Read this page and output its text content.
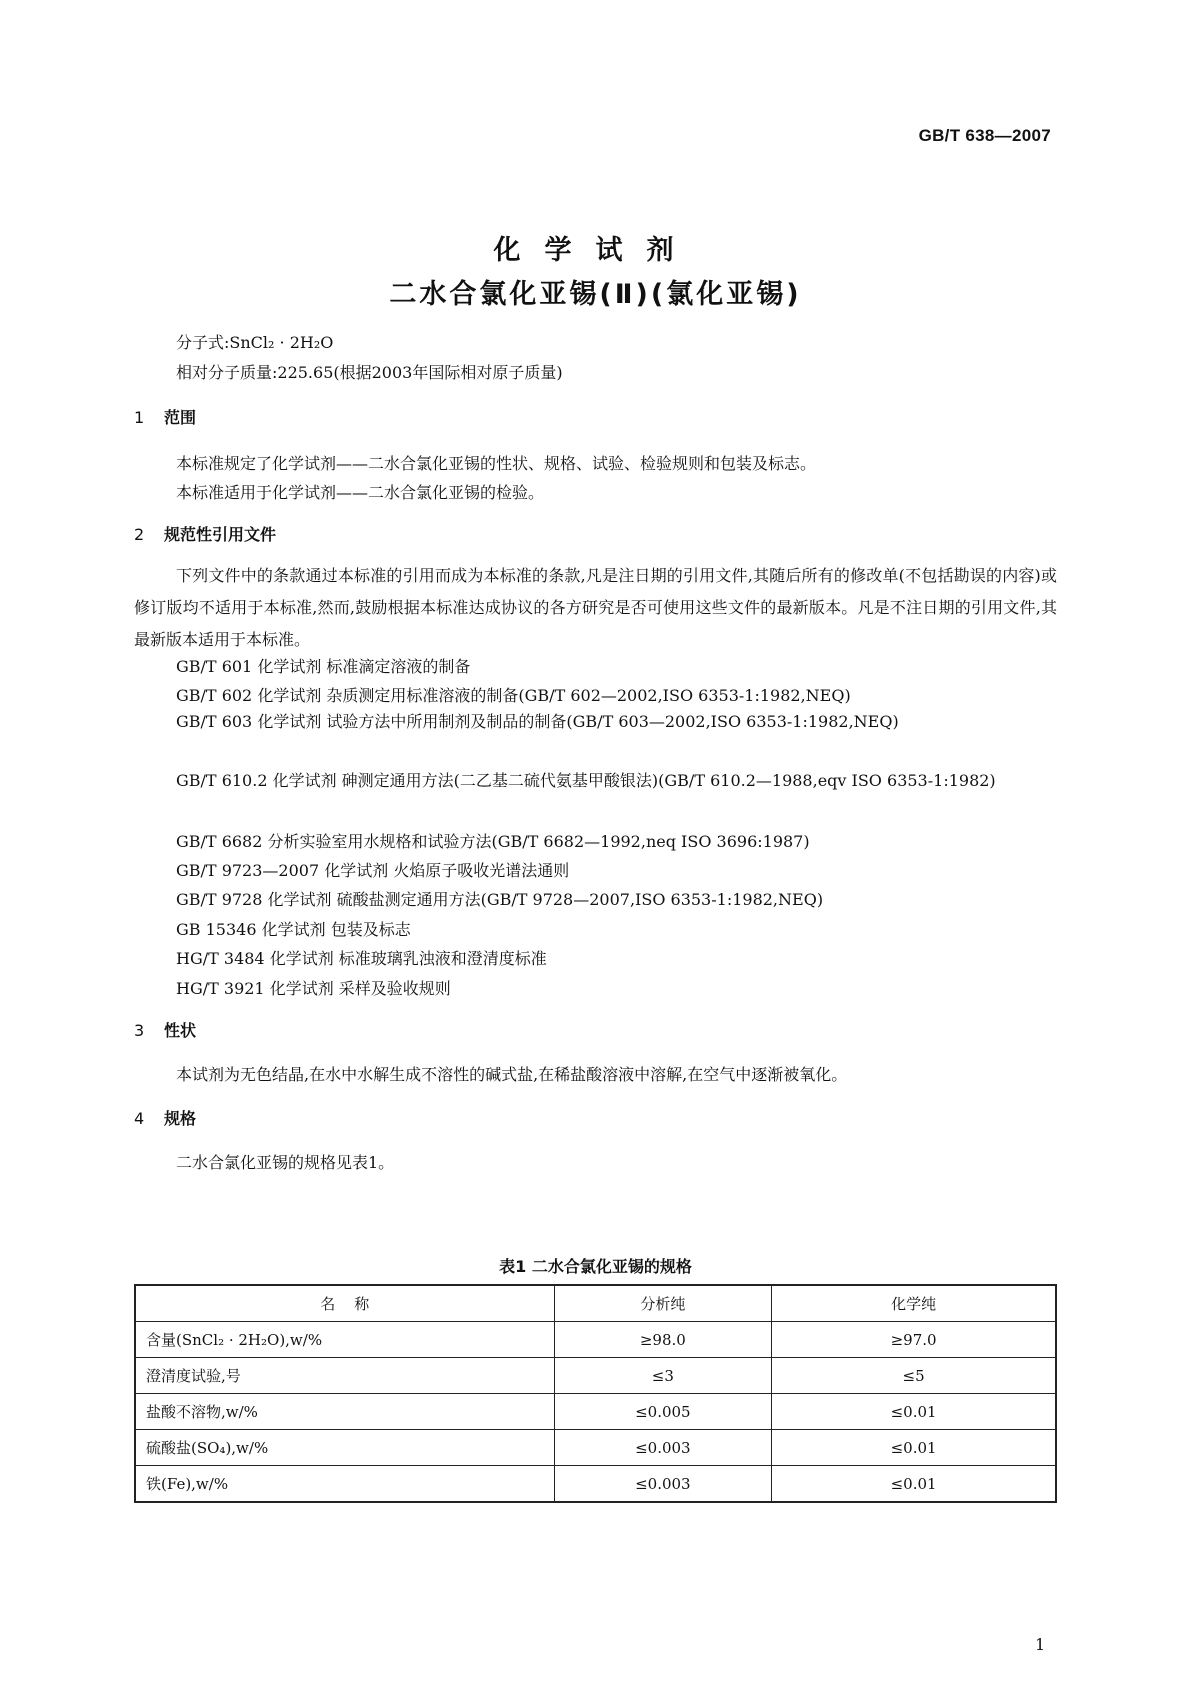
GB/T 638—2007
化学试剂
二水合氯化亚锡(Ⅱ)(氯化亚锡)
分子式:SnCl₂ · 2H₂O
相对分子质量:225.65(根据2003年国际相对原子质量)
1 范围
本标准规定了化学试剂——二水合氯化亚锡的性状、规格、试验、检验规则和包装及标志。
本标准适用于化学试剂——二水合氯化亚锡的检验。
2 规范性引用文件
下列文件中的条款通过本标准的引用而成为本标准的条款,凡是注日期的引用文件,其随后所有的修改单(不包括勘误的内容)或修订版均不适用于本标准,然而,鼓励根据本标准达成协议的各方研究是否可使用这些文件的最新版本。凡是不注日期的引用文件,其最新版本适用于本标准。
GB/T 601 化学试剂 标准滴定溶液的制备
GB/T 602 化学试剂 杂质测定用标准溶液的制备(GB/T 602—2002,ISO 6353-1:1982,NEQ)
GB/T 603 化学试剂 试验方法中所用制剂及制品的制备(GB/T 603—2002,ISO 6353-1:1982,NEQ)
GB/T 610.2 化学试剂 砷测定通用方法(二乙基二硫代氨基甲酸银法)(GB/T 610.2—1988,eqv ISO 6353-1:1982)
GB/T 6682 分析实验室用水规格和试验方法(GB/T 6682—1992,neq ISO 3696:1987)
GB/T 9723—2007 化学试剂 火焰原子吸收光谱法通则
GB/T 9728 化学试剂 硫酸盐测定通用方法(GB/T 9728—2007,ISO 6353-1:1982,NEQ)
GB 15346 化学试剂 包装及标志
HG/T 3484 化学试剂 标准玻璃乳浊液和澄清度标准
HG/T 3921 化学试剂 采样及验收规则
3 性状
本试剂为无色结晶,在水中水解生成不溶性的碱式盐,在稀盐酸溶液中溶解,在空气中逐渐被氧化。
4 规格
二水合氯化亚锡的规格见表1。
表1 二水合氯化亚锡的规格
名    称	分析纯	化学纯
含量(SnCl₂ · 2H₂O),w/%	≥98.0	≥97.0
澄清度试验,号	≤3	≤5
盐酸不溶物,w/%	≤0.005	≤0.01
硫酸盐(SO₄),w/%	≤0.003	≤0.01
铁(Fe),w/%	≤0.003	≤0.01
1
